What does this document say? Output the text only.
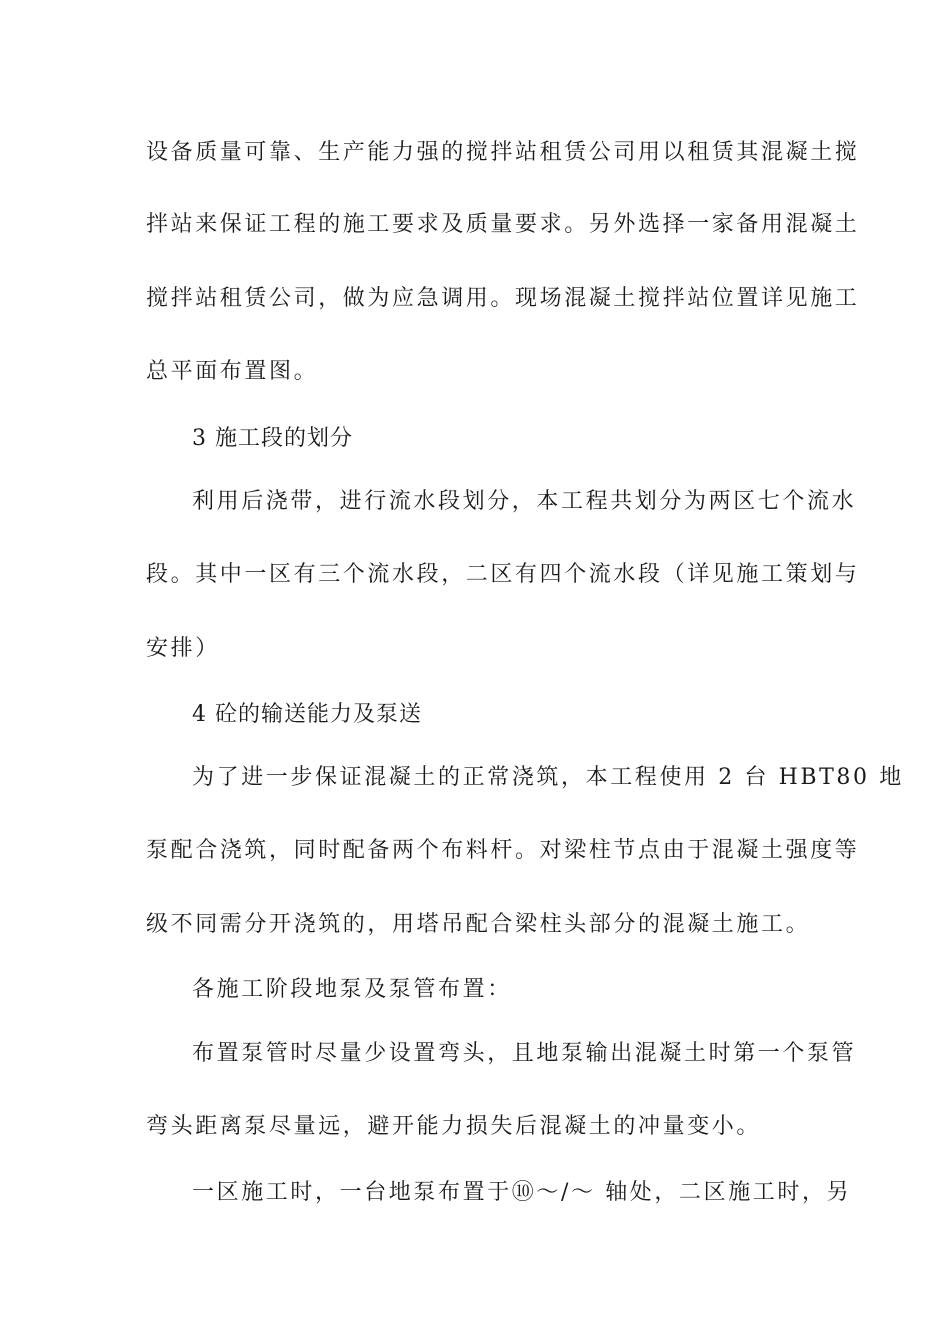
设备质量可靠、生产能力强的搅拌站租赁公司用以租赁其混凝土搅
拌站来保证工程的施工要求及质量要求。另外选择一家备用混凝土
搅拌站租赁公司，做为应急调用。现场混凝土搅拌站位置详见施工
总平面布置图。
3 施工段的划分
利用后浇带，进行流水段划分，本工程共划分为两区七个流水
段。其中一区有三个流水段，二区有四个流水段（详见施工策划与
安排）
4 砼的输送能力及泵送
为了进一步保证混凝土的正常浇筑，本工程使用 2 台 HBT80 地
泵配合浇筑，同时配备两个布料杆。对梁柱节点由于混凝土强度等
级不同需分开浇筑的，用塔吊配合梁柱头部分的混凝土施工。
各施工阶段地泵及泵管布置：
布置泵管时尽量少设置弯头，且地泵输出混凝土时第一个泵管
弯头距离泵尽量远，避开能力损失后混凝土的冲量变小。
一区施工时，一台地泵布置于⑩～/～ 轴处，二区施工时，另
